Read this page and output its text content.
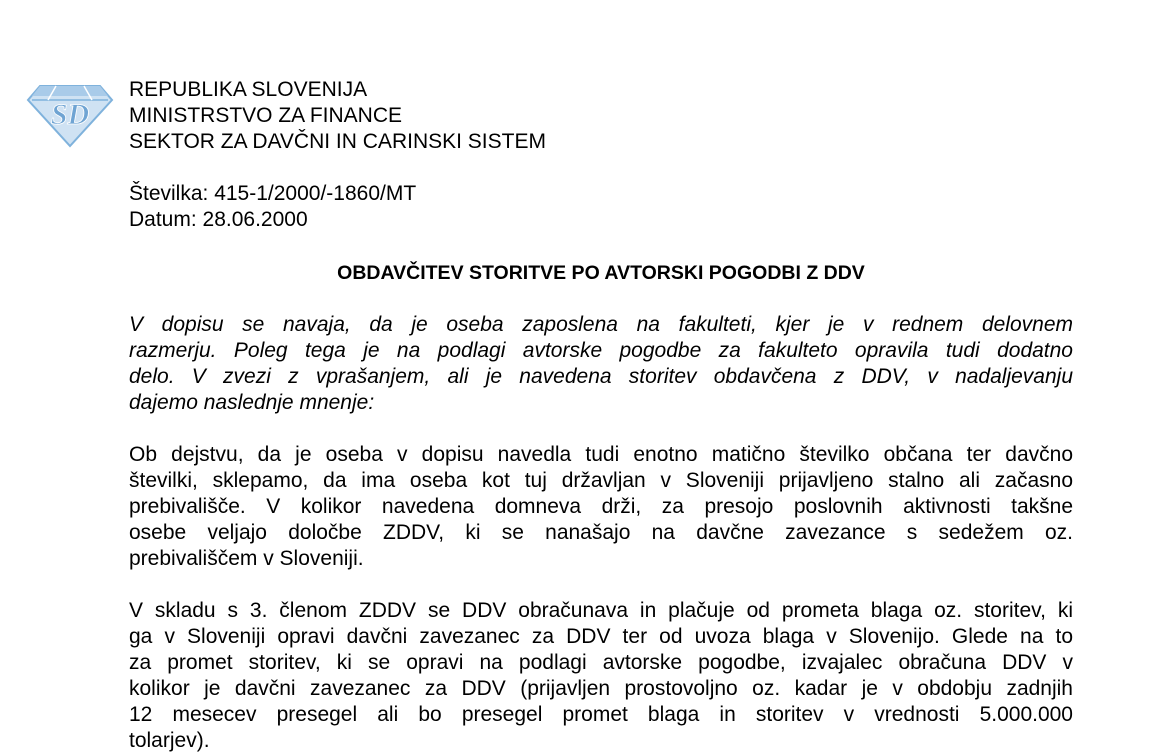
SD
REPUBLIKA SLOVENIJA
MINISTRSTVO ZA FINANCE
SEKTOR ZA DAVČNI IN CARINSKI SISTEM
Številka: 415-1/2000/-1860/MT
Datum: 28.06.2000
OBDAVČITEV STORITVE PO AVTORSKI POGODBI Z DDV
V dopisu se navaja, da je oseba zaposlena na fakulteti, kjer je v rednem delovnem
razmerju. Poleg tega je na podlagi avtorske pogodbe za fakulteto opravila tudi dodatno
delo. V zvezi z vprašanjem, ali je navedena storitev obdavčena z DDV, v nadaljevanju
dajemo naslednje mnenje:
Ob dejstvu, da je oseba v dopisu navedla tudi enotno matično številko občana ter davčno
številki, sklepamo, da ima oseba kot tuj državljan v Sloveniji prijavljeno stalno ali začasno
prebivališče. V kolikor navedena domneva drži, za presojo poslovnih aktivnosti takšne
osebe veljajo določbe ZDDV, ki se nanašajo na davčne zavezance s sedežem oz.
prebivališčem v Sloveniji.
V skladu s 3. členom ZDDV se DDV obračunava in plačuje od prometa blaga oz. storitev, ki
ga v Sloveniji opravi davčni zavezanec za DDV ter od uvoza blaga v Slovenijo. Glede na to
za promet storitev, ki se opravi na podlagi avtorske pogodbe, izvajalec obračuna DDV v
kolikor je davčni zavezanec za DDV (prijavljen prostovoljno oz. kadar je v obdobju zadnjih
12 mesecev presegel ali bo presegel promet blaga in storitev v vrednosti 5.000.000
tolarjev).
